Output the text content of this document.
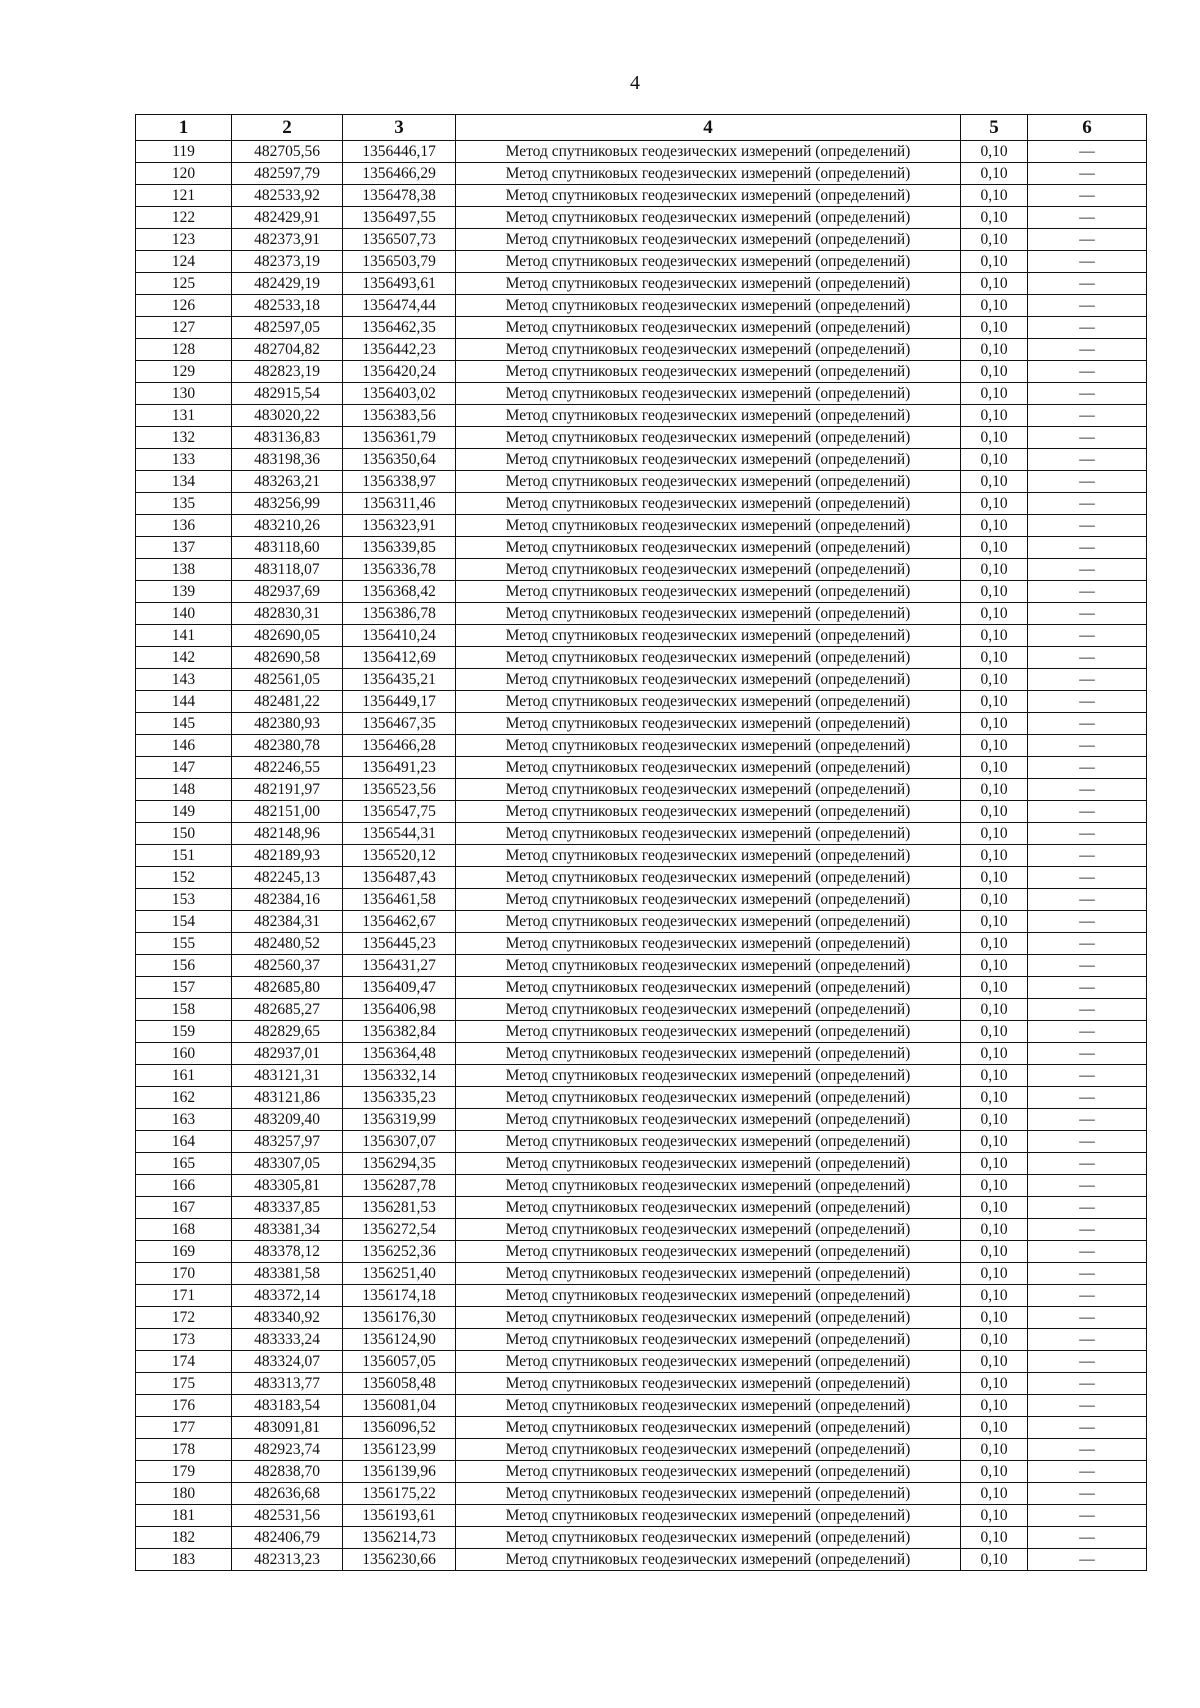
4
1	2	3	4	5	6
119	482705,56	1356446,17	Метод спутниковых геодезических измерений (определений)	0,10	—
120	482597,79	1356466,29	Метод спутниковых геодезических измерений (определений)	0,10	—
121	482533,92	1356478,38	Метод спутниковых геодезических измерений (определений)	0,10	—
122	482429,91	1356497,55	Метод спутниковых геодезических измерений (определений)	0,10	—
123	482373,91	1356507,73	Метод спутниковых геодезических измерений (определений)	0,10	—
124	482373,19	1356503,79	Метод спутниковых геодезических измерений (определений)	0,10	—
125	482429,19	1356493,61	Метод спутниковых геодезических измерений (определений)	0,10	—
126	482533,18	1356474,44	Метод спутниковых геодезических измерений (определений)	0,10	—
127	482597,05	1356462,35	Метод спутниковых геодезических измерений (определений)	0,10	—
128	482704,82	1356442,23	Метод спутниковых геодезических измерений (определений)	0,10	—
129	482823,19	1356420,24	Метод спутниковых геодезических измерений (определений)	0,10	—
130	482915,54	1356403,02	Метод спутниковых геодезических измерений (определений)	0,10	—
131	483020,22	1356383,56	Метод спутниковых геодезических измерений (определений)	0,10	—
132	483136,83	1356361,79	Метод спутниковых геодезических измерений (определений)	0,10	—
133	483198,36	1356350,64	Метод спутниковых геодезических измерений (определений)	0,10	—
134	483263,21	1356338,97	Метод спутниковых геодезических измерений (определений)	0,10	—
135	483256,99	1356311,46	Метод спутниковых геодезических измерений (определений)	0,10	—
136	483210,26	1356323,91	Метод спутниковых геодезических измерений (определений)	0,10	—
137	483118,60	1356339,85	Метод спутниковых геодезических измерений (определений)	0,10	—
138	483118,07	1356336,78	Метод спутниковых геодезических измерений (определений)	0,10	—
139	482937,69	1356368,42	Метод спутниковых геодезических измерений (определений)	0,10	—
140	482830,31	1356386,78	Метод спутниковых геодезических измерений (определений)	0,10	—
141	482690,05	1356410,24	Метод спутниковых геодезических измерений (определений)	0,10	—
142	482690,58	1356412,69	Метод спутниковых геодезических измерений (определений)	0,10	—
143	482561,05	1356435,21	Метод спутниковых геодезических измерений (определений)	0,10	—
144	482481,22	1356449,17	Метод спутниковых геодезических измерений (определений)	0,10	—
145	482380,93	1356467,35	Метод спутниковых геодезических измерений (определений)	0,10	—
146	482380,78	1356466,28	Метод спутниковых геодезических измерений (определений)	0,10	—
147	482246,55	1356491,23	Метод спутниковых геодезических измерений (определений)	0,10	—
148	482191,97	1356523,56	Метод спутниковых геодезических измерений (определений)	0,10	—
149	482151,00	1356547,75	Метод спутниковых геодезических измерений (определений)	0,10	—
150	482148,96	1356544,31	Метод спутниковых геодезических измерений (определений)	0,10	—
151	482189,93	1356520,12	Метод спутниковых геодезических измерений (определений)	0,10	—
152	482245,13	1356487,43	Метод спутниковых геодезических измерений (определений)	0,10	—
153	482384,16	1356461,58	Метод спутниковых геодезических измерений (определений)	0,10	—
154	482384,31	1356462,67	Метод спутниковых геодезических измерений (определений)	0,10	—
155	482480,52	1356445,23	Метод спутниковых геодезических измерений (определений)	0,10	—
156	482560,37	1356431,27	Метод спутниковых геодезических измерений (определений)	0,10	—
157	482685,80	1356409,47	Метод спутниковых геодезических измерений (определений)	0,10	—
158	482685,27	1356406,98	Метод спутниковых геодезических измерений (определений)	0,10	—
159	482829,65	1356382,84	Метод спутниковых геодезических измерений (определений)	0,10	—
160	482937,01	1356364,48	Метод спутниковых геодезических измерений (определений)	0,10	—
161	483121,31	1356332,14	Метод спутниковых геодезических измерений (определений)	0,10	—
162	483121,86	1356335,23	Метод спутниковых геодезических измерений (определений)	0,10	—
163	483209,40	1356319,99	Метод спутниковых геодезических измерений (определений)	0,10	—
164	483257,97	1356307,07	Метод спутниковых геодезических измерений (определений)	0,10	—
165	483307,05	1356294,35	Метод спутниковых геодезических измерений (определений)	0,10	—
166	483305,81	1356287,78	Метод спутниковых геодезических измерений (определений)	0,10	—
167	483337,85	1356281,53	Метод спутниковых геодезических измерений (определений)	0,10	—
168	483381,34	1356272,54	Метод спутниковых геодезических измерений (определений)	0,10	—
169	483378,12	1356252,36	Метод спутниковых геодезических измерений (определений)	0,10	—
170	483381,58	1356251,40	Метод спутниковых геодезических измерений (определений)	0,10	—
171	483372,14	1356174,18	Метод спутниковых геодезических измерений (определений)	0,10	—
172	483340,92	1356176,30	Метод спутниковых геодезических измерений (определений)	0,10	—
173	483333,24	1356124,90	Метод спутниковых геодезических измерений (определений)	0,10	—
174	483324,07	1356057,05	Метод спутниковых геодезических измерений (определений)	0,10	—
175	483313,77	1356058,48	Метод спутниковых геодезических измерений (определений)	0,10	—
176	483183,54	1356081,04	Метод спутниковых геодезических измерений (определений)	0,10	—
177	483091,81	1356096,52	Метод спутниковых геодезических измерений (определений)	0,10	—
178	482923,74	1356123,99	Метод спутниковых геодезических измерений (определений)	0,10	—
179	482838,70	1356139,96	Метод спутниковых геодезических измерений (определений)	0,10	—
180	482636,68	1356175,22	Метод спутниковых геодезических измерений (определений)	0,10	—
181	482531,56	1356193,61	Метод спутниковых геодезических измерений (определений)	0,10	—
182	482406,79	1356214,73	Метод спутниковых геодезических измерений (определений)	0,10	—
183	482313,23	1356230,66	Метод спутниковых геодезических измерений (определений)	0,10	—
